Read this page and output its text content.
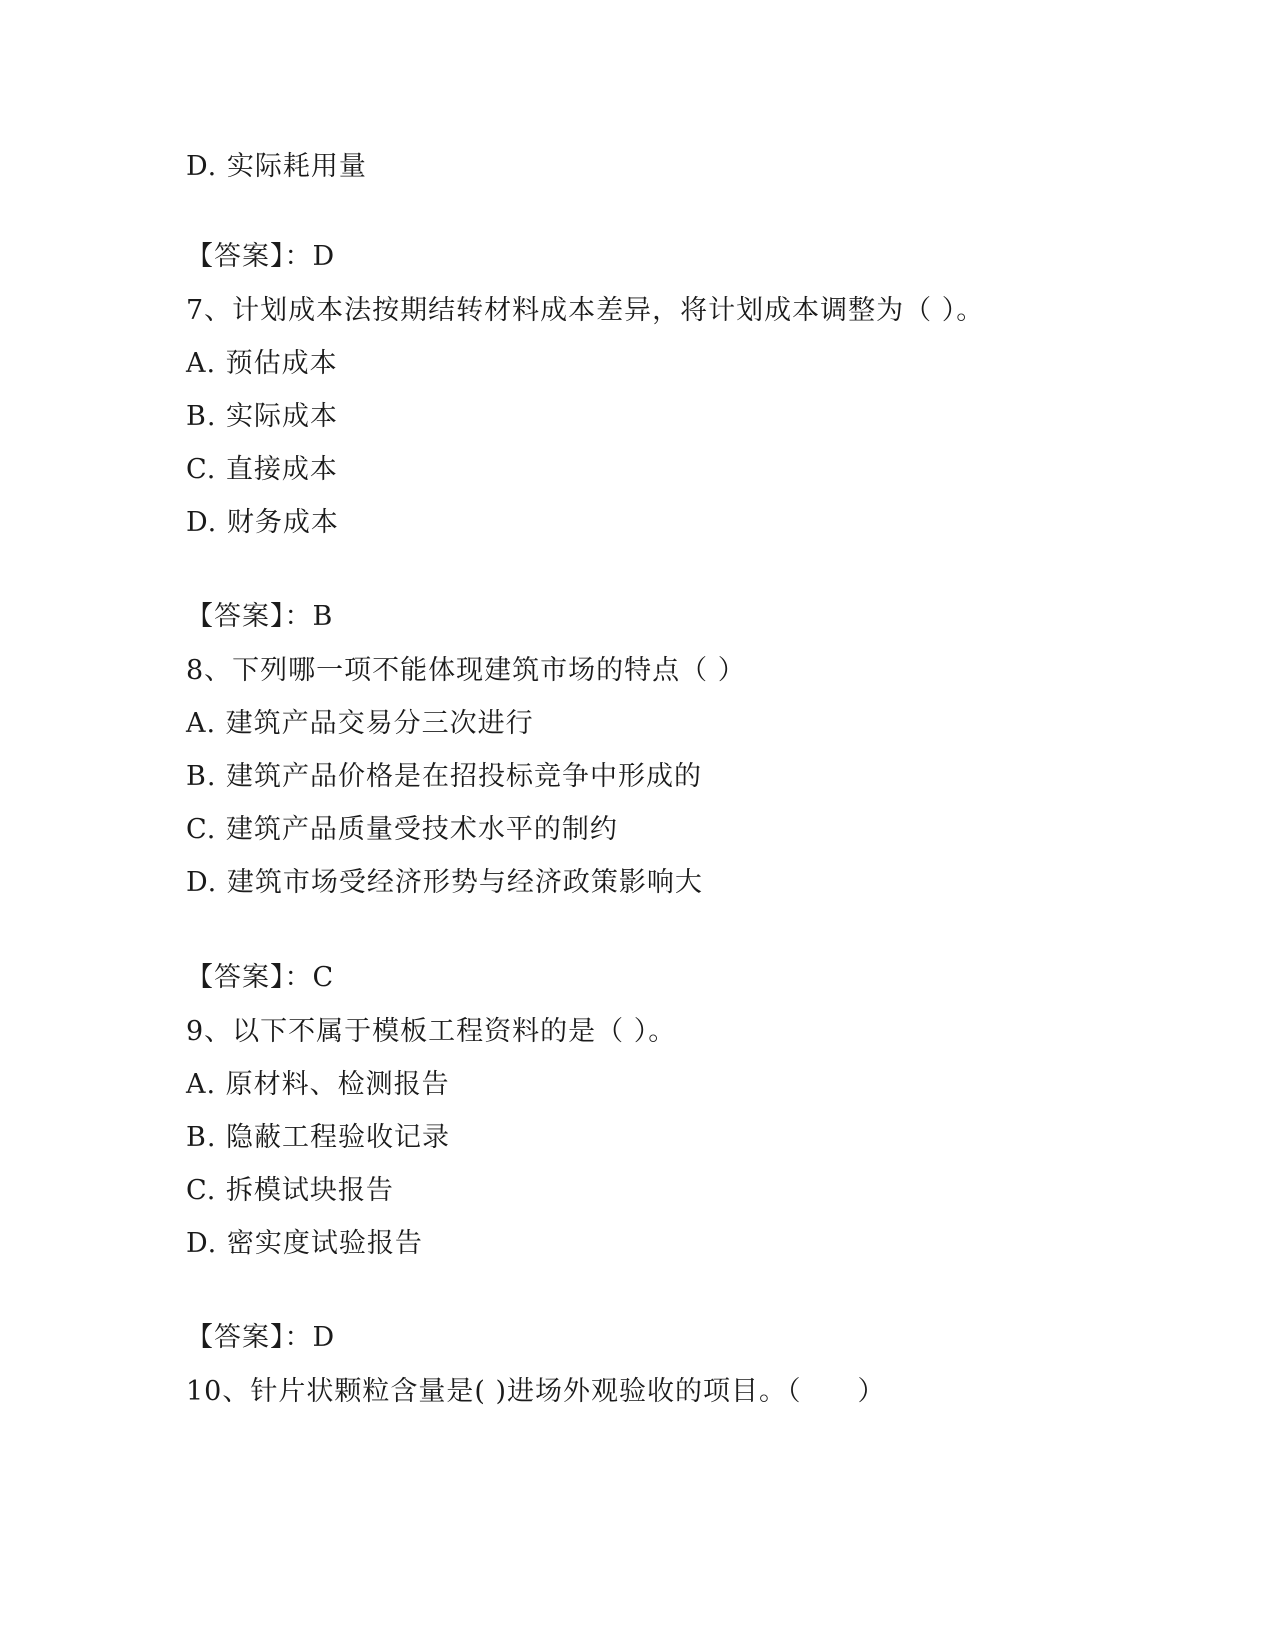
D. 实际耗用量
【答案】：D
7、计划成本法按期结转材料成本差异，将计划成本调整为（ ）。
A. 预估成本
B. 实际成本
C. 直接成本
D. 财务成本
【答案】：B
8、下列哪一项不能体现建筑市场的特点（ ）
A. 建筑产品交易分三次进行
B. 建筑产品价格是在招投标竞争中形成的
C. 建筑产品质量受技术水平的制约
D. 建筑市场受经济形势与经济政策影响大
【答案】：C
9、以下不属于模板工程资料的是（ ）。
A. 原材料、检测报告
B. 隐蔽工程验收记录
C. 拆模试块报告
D. 密实度试验报告
【答案】：D
10、针片状颗粒含量是( )进场外观验收的项目。（　　）
